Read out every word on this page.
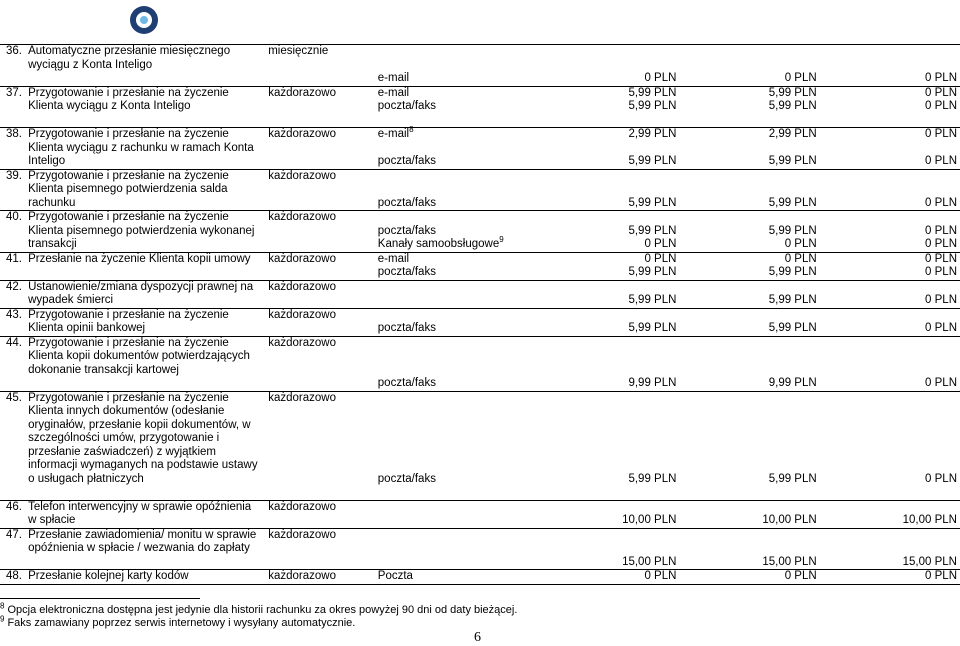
36.	Automatyczne przesłanie miesięcznego wyciągu z Konta Inteligo	miesięcznie				

			e-mail	0 PLN	0 PLN	0 PLN
37.	Przygotowanie i przesłanie na życzenie Klienta wyciągu z Konta Inteligo	każdorazowo	e-mail	5,99 PLN	5,99 PLN	0 PLN
			poczta/faks	5,99 PLN	5,99 PLN	0 PLN

38.	Przygotowanie i przesłanie na życzenie Klienta wyciągu z rachunku w ramach Konta Inteligo	każdorazowo	e-mail$^8$	2,99 PLN	2,99 PLN	0 PLN

			poczta/faks	5,99 PLN	5,99 PLN	0 PLN
39.	Przygotowanie i przesłanie na życzenie Klienta pisemnego potwierdzenia salda rachunku	każdorazowo				

			poczta/faks	5,99 PLN	5,99 PLN	0 PLN
40.	Przygotowanie i przesłanie na życzenie Klienta pisemnego potwierdzenia wykonanej transakcji	każdorazowo				
			poczta/faks	5,99 PLN	5,99 PLN	0 PLN
			Kanały samoobsługowe$^9$	0 PLN	0 PLN	0 PLN
41.	Przesłanie na życzenie Klienta kopii umowy	każdorazowo	e-mail	0 PLN	0 PLN	0 PLN
			poczta/faks	5,99 PLN	5,99 PLN	0 PLN
42.	Ustanowienie/zmiana dyspozycji prawnej na wypadek śmierci	każdorazowo				
				5,99 PLN	5,99 PLN	0 PLN
43.	Przygotowanie i przesłanie na życzenie Klienta opinii bankowej	każdorazowo				
			poczta/faks	5,99 PLN	5,99 PLN	0 PLN
44.	Przygotowanie i przesłanie na życzenie Klienta kopii dokumentów potwierdzających dokonanie transakcji kartowej	każdorazowo				

			poczta/faks	9,99 PLN	9,99 PLN	0 PLN
45.	Przygotowanie i przesłanie na życzenie Klienta innych dokumentów (odesłanie oryginałów, przesłanie kopii dokumentów, w szczególności umów, przygotowanie i przesłanie zaświadczeń) z wyjątkiem informacji wymaganych na podstawie ustawy o usługach płatniczych	każdorazowo				

			poczta/faks	5,99 PLN	5,99 PLN	0 PLN

46.	Telefon interwencyjny w sprawie opóźnienia w spłacie	każdorazowo				
				10,00 PLN	10,00 PLN	10,00 PLN
47.	Przesłanie zawiadomienia/ monitu w sprawie opóźnienia w spłacie / wezwania do zapłaty	każdorazowo				

				15,00 PLN	15,00 PLN	15,00 PLN
48.	Przesłanie kolejnej karty kodów	każdorazowo	Poczta	0 PLN	0 PLN	0 PLN
$^8$ Opcja elektroniczna dostępna jest jedynie dla historii rachunku za okres powyżej 90 dni od daty bieżącej.
$^9$ Faks zamawiany poprzez serwis internetowy i wysyłany automatycznie.
6
